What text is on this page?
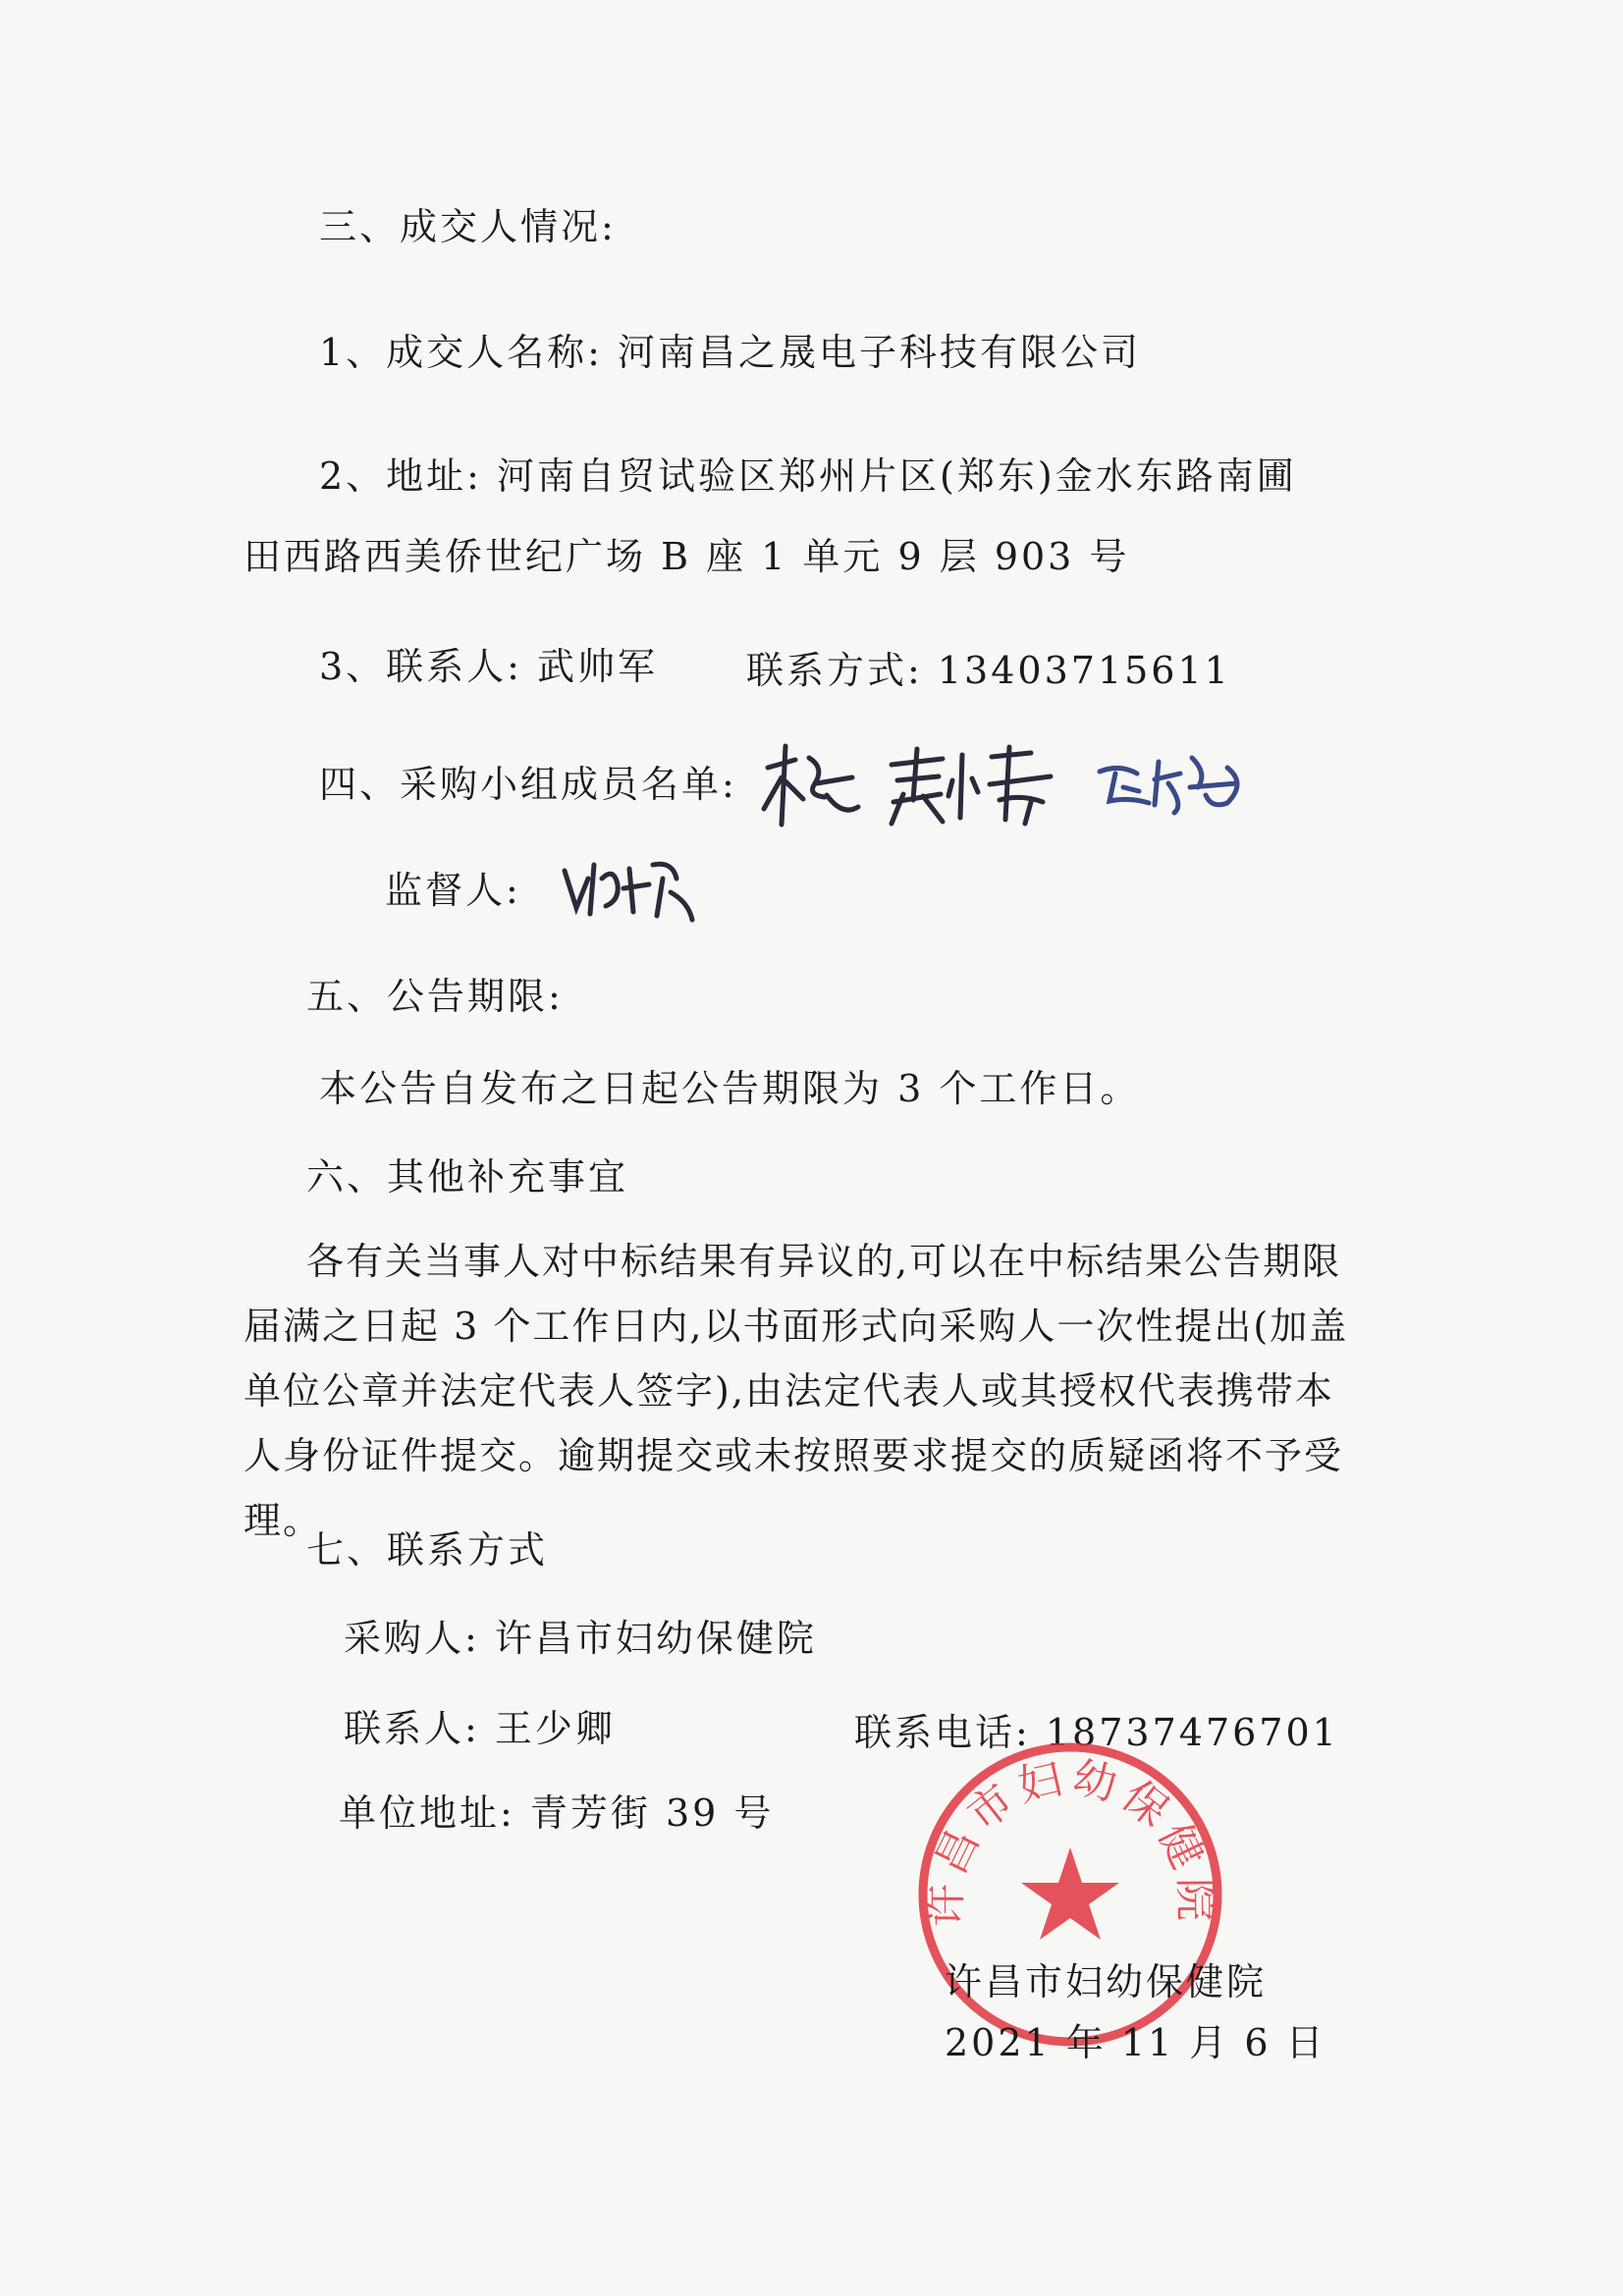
三、成交人情况:
1、成交人名称: 河南昌之晟电子科技有限公司
2、地址: 河南自贸试验区郑州片区(郑东)金水东路南圃
田西路西美侨世纪广场 B 座 1 单元 9 层 903 号
3、联系人: 武帅军 联系方式: 13403715611
四、采购小组成员名单:
监督人:
五、公告期限:
本公告自发布之日起公告期限为 3 个工作日。
六、其他补充事宜
各有关当事人对中标结果有异议的,可以在中标结果公告期限届满之日起 3 个工作日内,以书面形式向采购人一次性提出(加盖单位公章并法定代表人签字),由法定代表人或其授权代表携带本人身份证件提交。逾期提交或未按照要求提交的质疑函将不予受理。
七、联系方式
采购人: 许昌市妇幼保健院
联系人: 王少卿	联系电话: 18737476701
单位地址: 青芳街 39 号
许昌市妇幼保健院
许昌市妇幼保健院
2021 年 11 月 6 日
